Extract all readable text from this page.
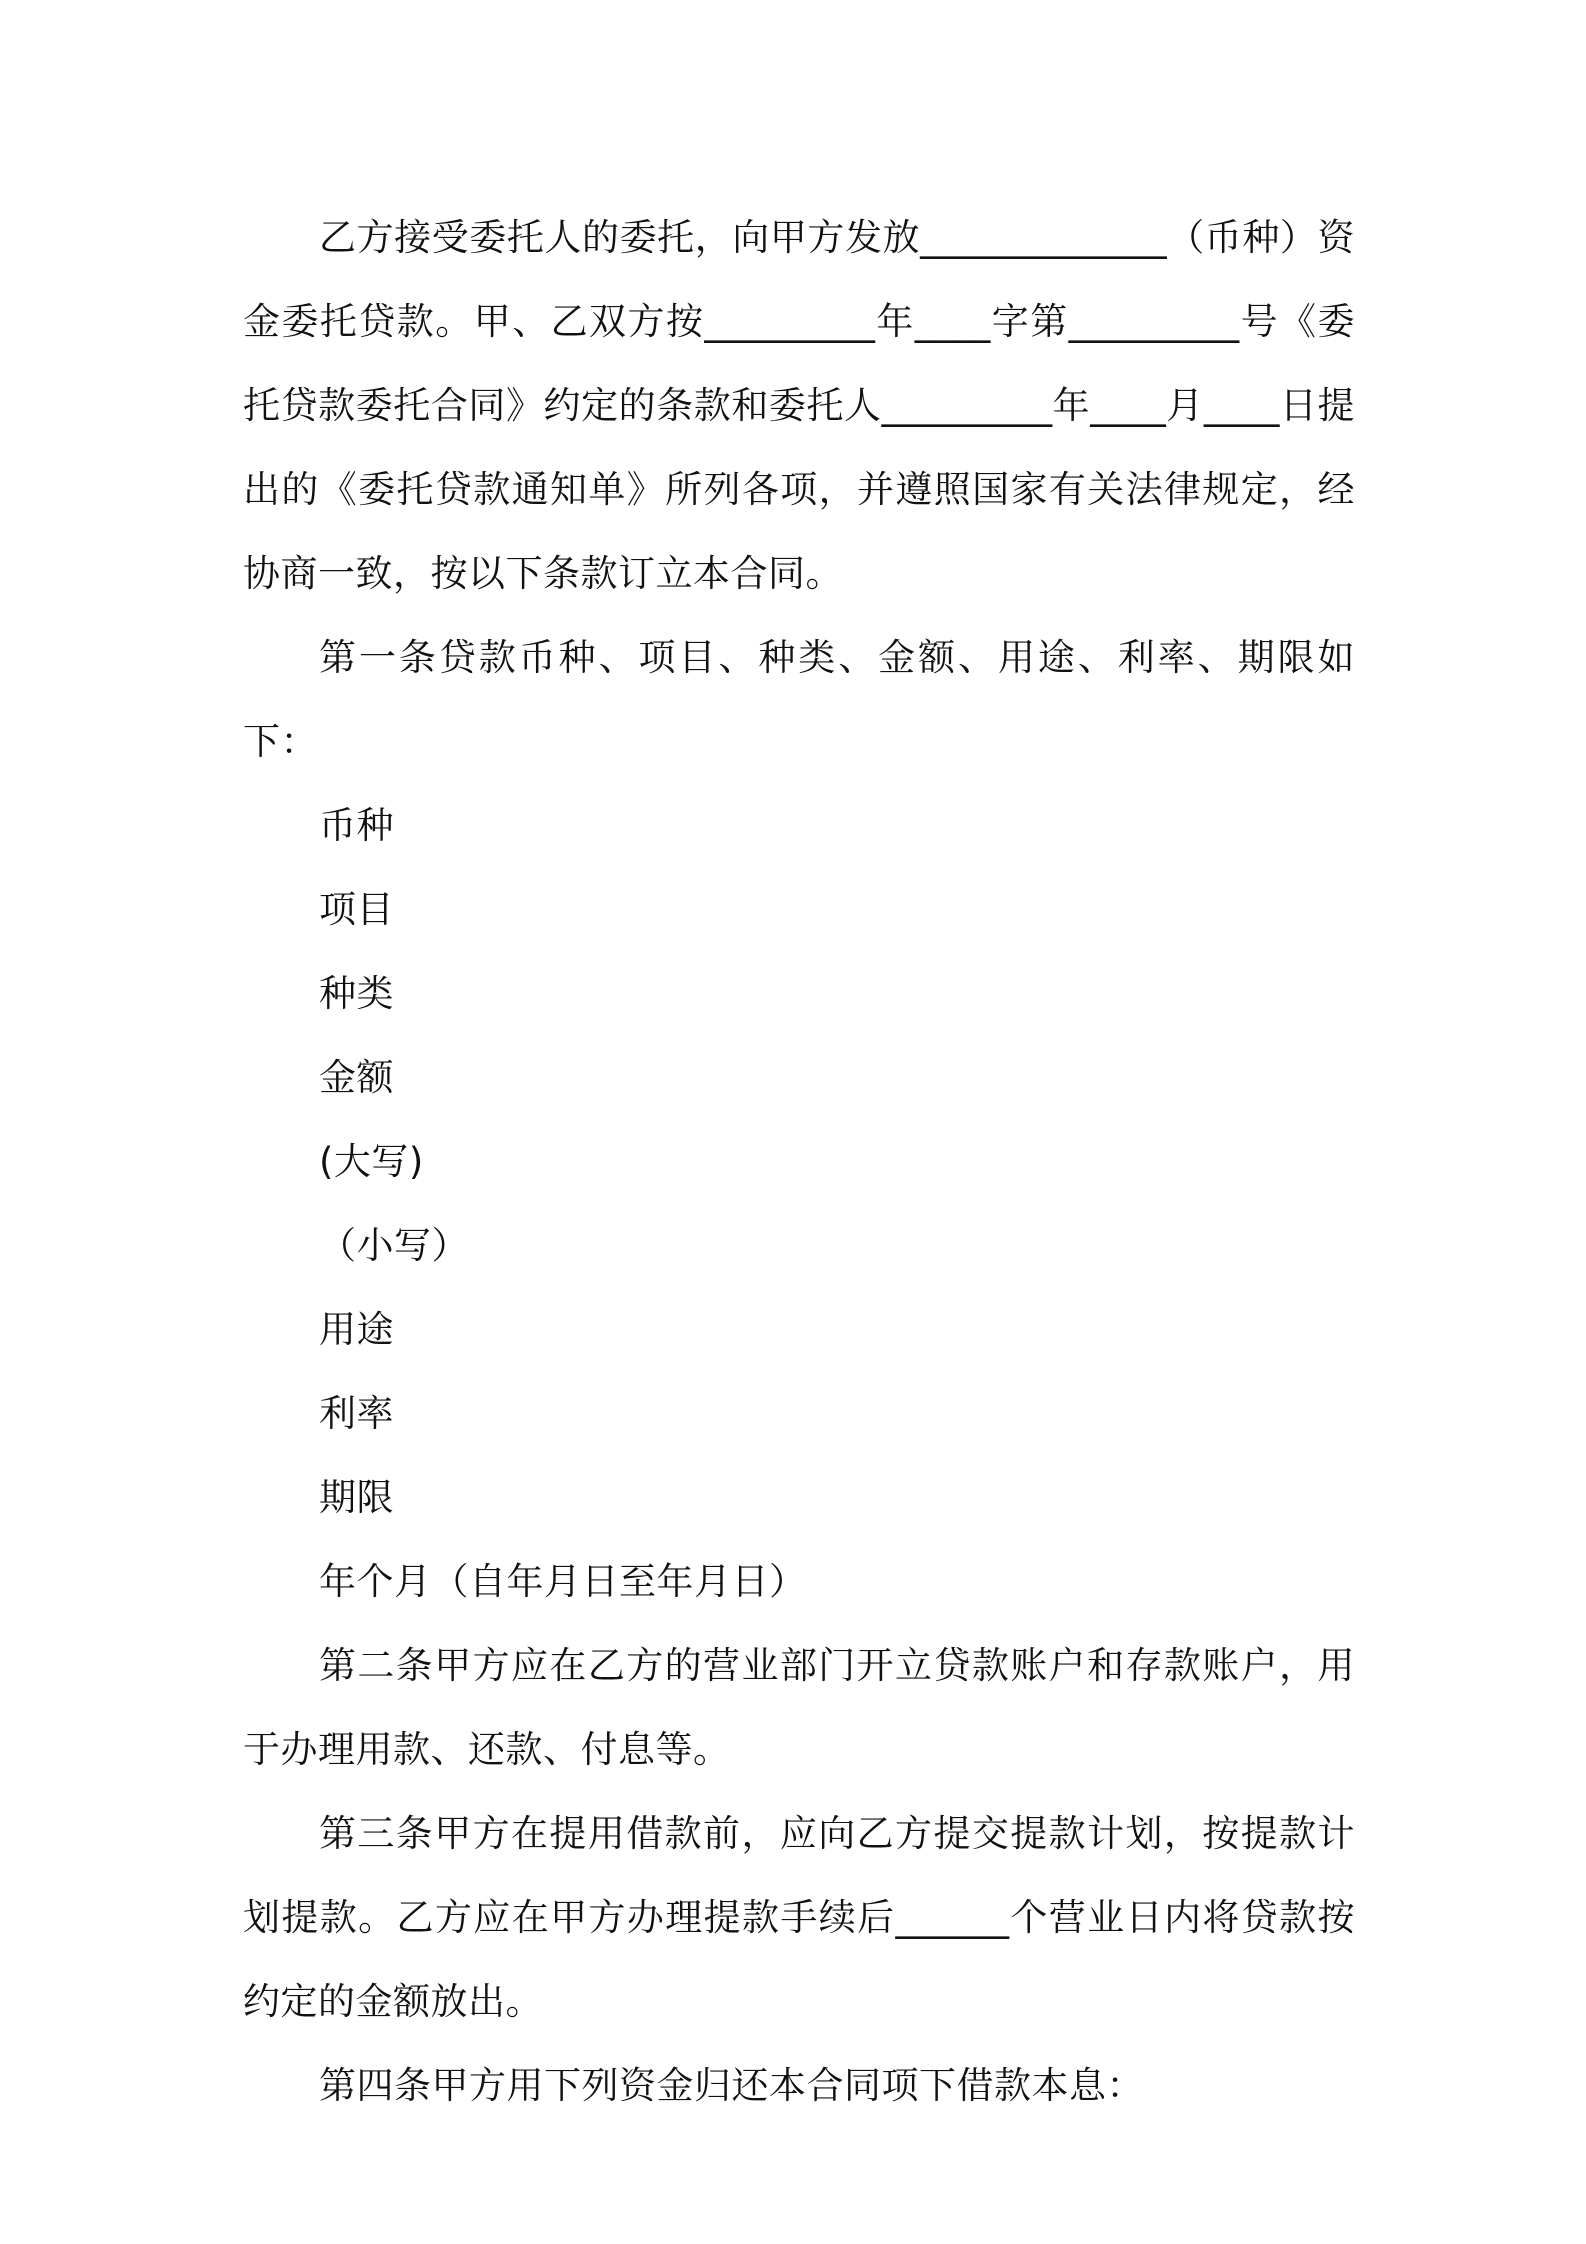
乙方接受委托人的委托，向甲方发放_____________（币种）资金委托贷款。甲、乙双方按_________年____字第_________号《委托贷款委托合同》约定的条款和委托人_________年____月____日提出的《委托贷款通知单》所列各项，并遵照国家有关法律规定，经协商一致，按以下条款订立本合同。

第一条贷款币种、项目、种类、金额、用途、利率、期限如下：

币种

项目

种类

金额

(大写)

（小写）

用途

利率

期限

年个月（自年月日至年月日）

第二条甲方应在乙方的营业部门开立贷款账户和存款账户，用于办理用款、还款、付息等。

第三条甲方在提用借款前，应向乙方提交提款计划，按提款计划提款。乙方应在甲方办理提款手续后______个营业日内将贷款按约定的金额放出。

第四条甲方用下列资金归还本合同项下借款本息：
